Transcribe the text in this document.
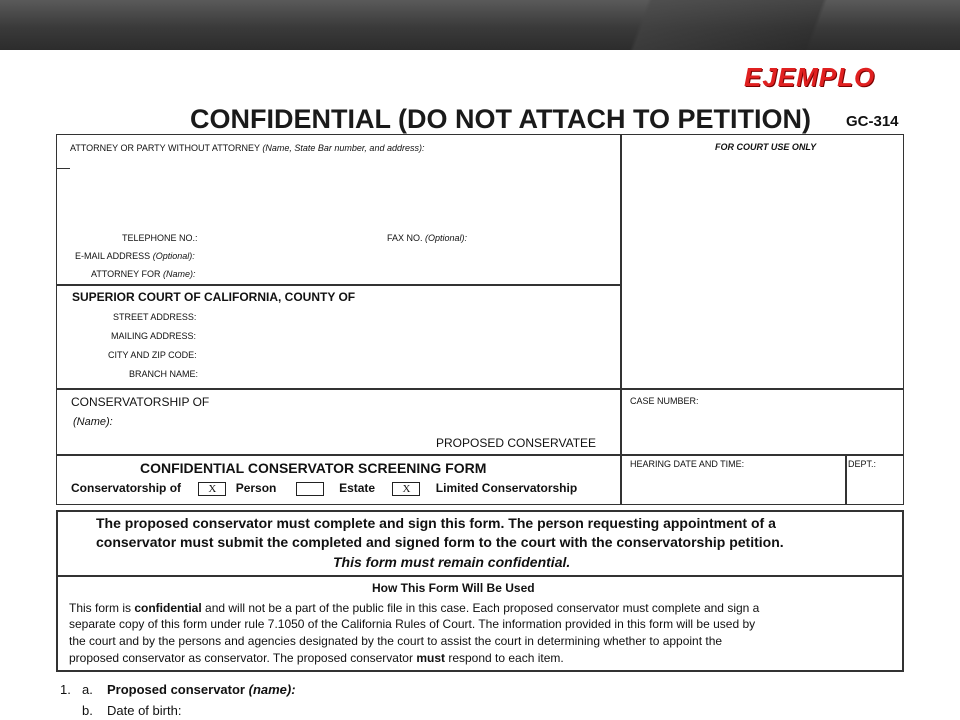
EJEMPLO
CONFIDENTIAL (DO NOT ATTACH TO PETITION) GC-314
ATTORNEY OR PARTY WITHOUT ATTORNEY (Name, State Bar number, and address):
TELEPHONE NO.:	FAX NO. (Optional):
E-MAIL ADDRESS (Optional):
ATTORNEY FOR (Name):
FOR COURT USE ONLY
SUPERIOR COURT OF CALIFORNIA, COUNTY OF
STREET ADDRESS:
MAILING ADDRESS:
CITY AND ZIP CODE:
BRANCH NAME:
CONSERVATORSHIP OF
(Name):
PROPOSED CONSERVATEE
CASE NUMBER:
CONFIDENTIAL CONSERVATOR SCREENING FORM
Conservatorship of X Person	Estate X Limited Conservatorship
HEARING DATE AND TIME:	DEPT.:
The proposed conservator must complete and sign this form. The person requesting appointment of a
conservator must submit the completed and signed form to the court with the conservatorship petition.
This form must remain confidential.
How This Form Will Be Used
This form is confidential and will not be a part of the public file in this case. Each proposed conservator must complete and sign a
separate copy of this form under rule 7.1050 of the California Rules of Court. The information provided in this form will be used by
the court and by the persons and agencies designated by the court to assist the court in determining whether to appoint the
proposed conservator as conservator. The proposed conservator must respond to each item.
1. a. Proposed conservator (name):
b. Date of birth:
